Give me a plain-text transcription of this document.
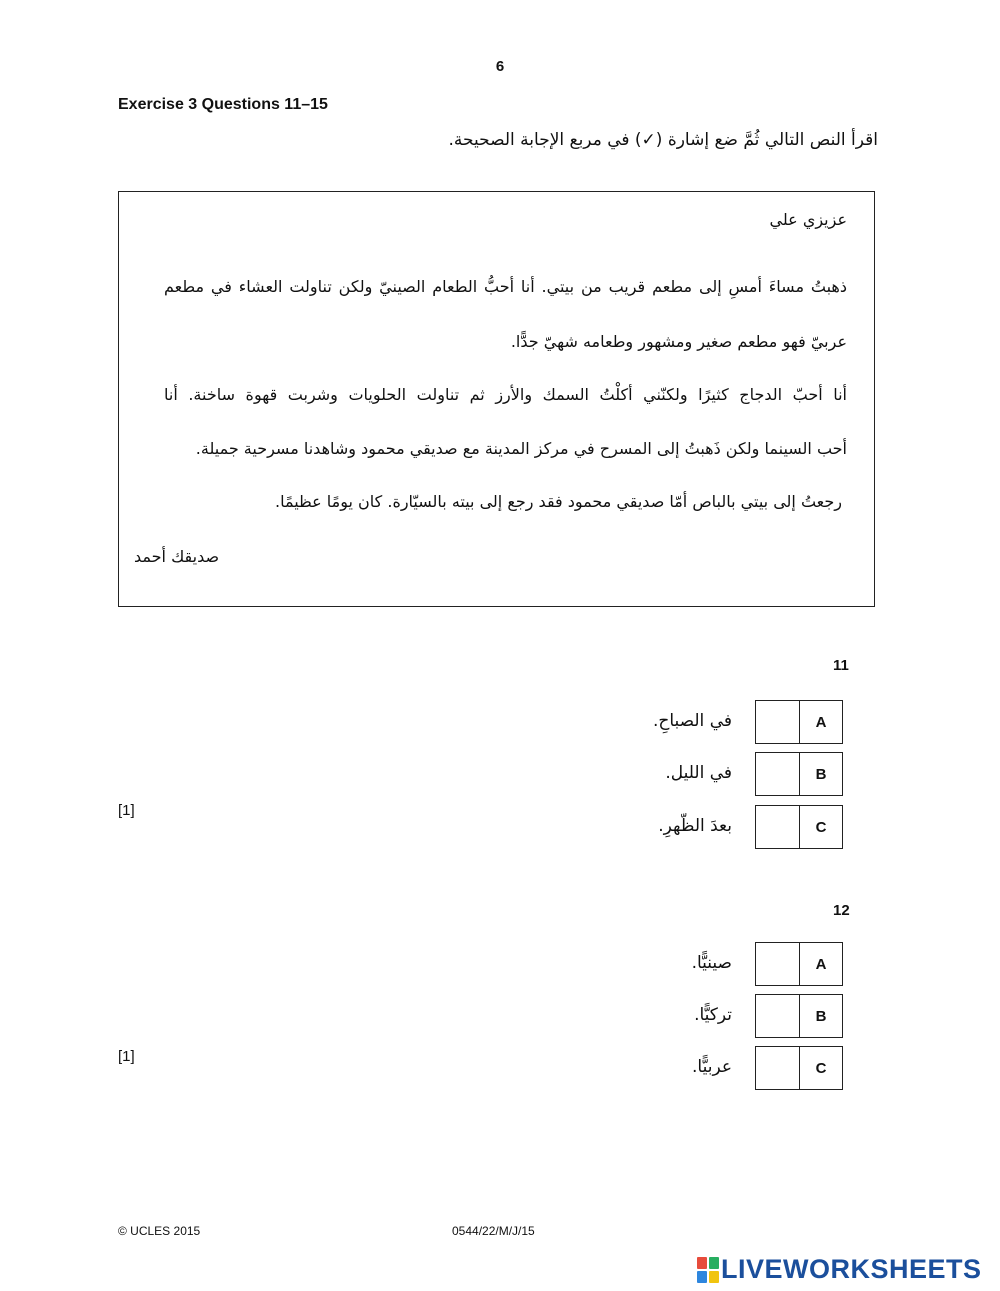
6
Exercise 3 Questions 11–15
اقرأ النص التالي ثُمَّ ضع إشارة (✓) في مربع الإجابة الصحيحة.
عزيزي علي
ذهبتُ مساءَ أمسِ إلى مطعم قريب من بيتي. أنا أحبُّ الطعام الصينيّ ولكن تناولت العشاء في مطعم
عربيّ فهو مطعم صغير ومشهور وطعامه شهيّ جدًّا.
أنا أحبّ الدجاج كثيرًا ولكنّني أكلْتُ السمك والأرز ثم تناولت الحلويات وشربت قهوة ساخنة. أنا
أحب السينما ولكن ذَهبتُ إلى المسرح في مركز المدينة مع صديقي محمود وشاهدنا مسرحية جميلة.
رجعتُ إلى بيتي بالباص أمّا صديقي محمود فقد رجع إلى بيته بالسيّارة. كان يومًا عظيمًا.
صديقك أحمد
11
في الصباحِ.	A
في الليل.	B
بعدَ الظّهرِ.	C
[1]
12
صينيًّا.	A
تركيًّا.	B
عربيًّا.	C
[1]
© UCLES 2015	0544/22/M/J/15
LIVEWORKSHEETS
